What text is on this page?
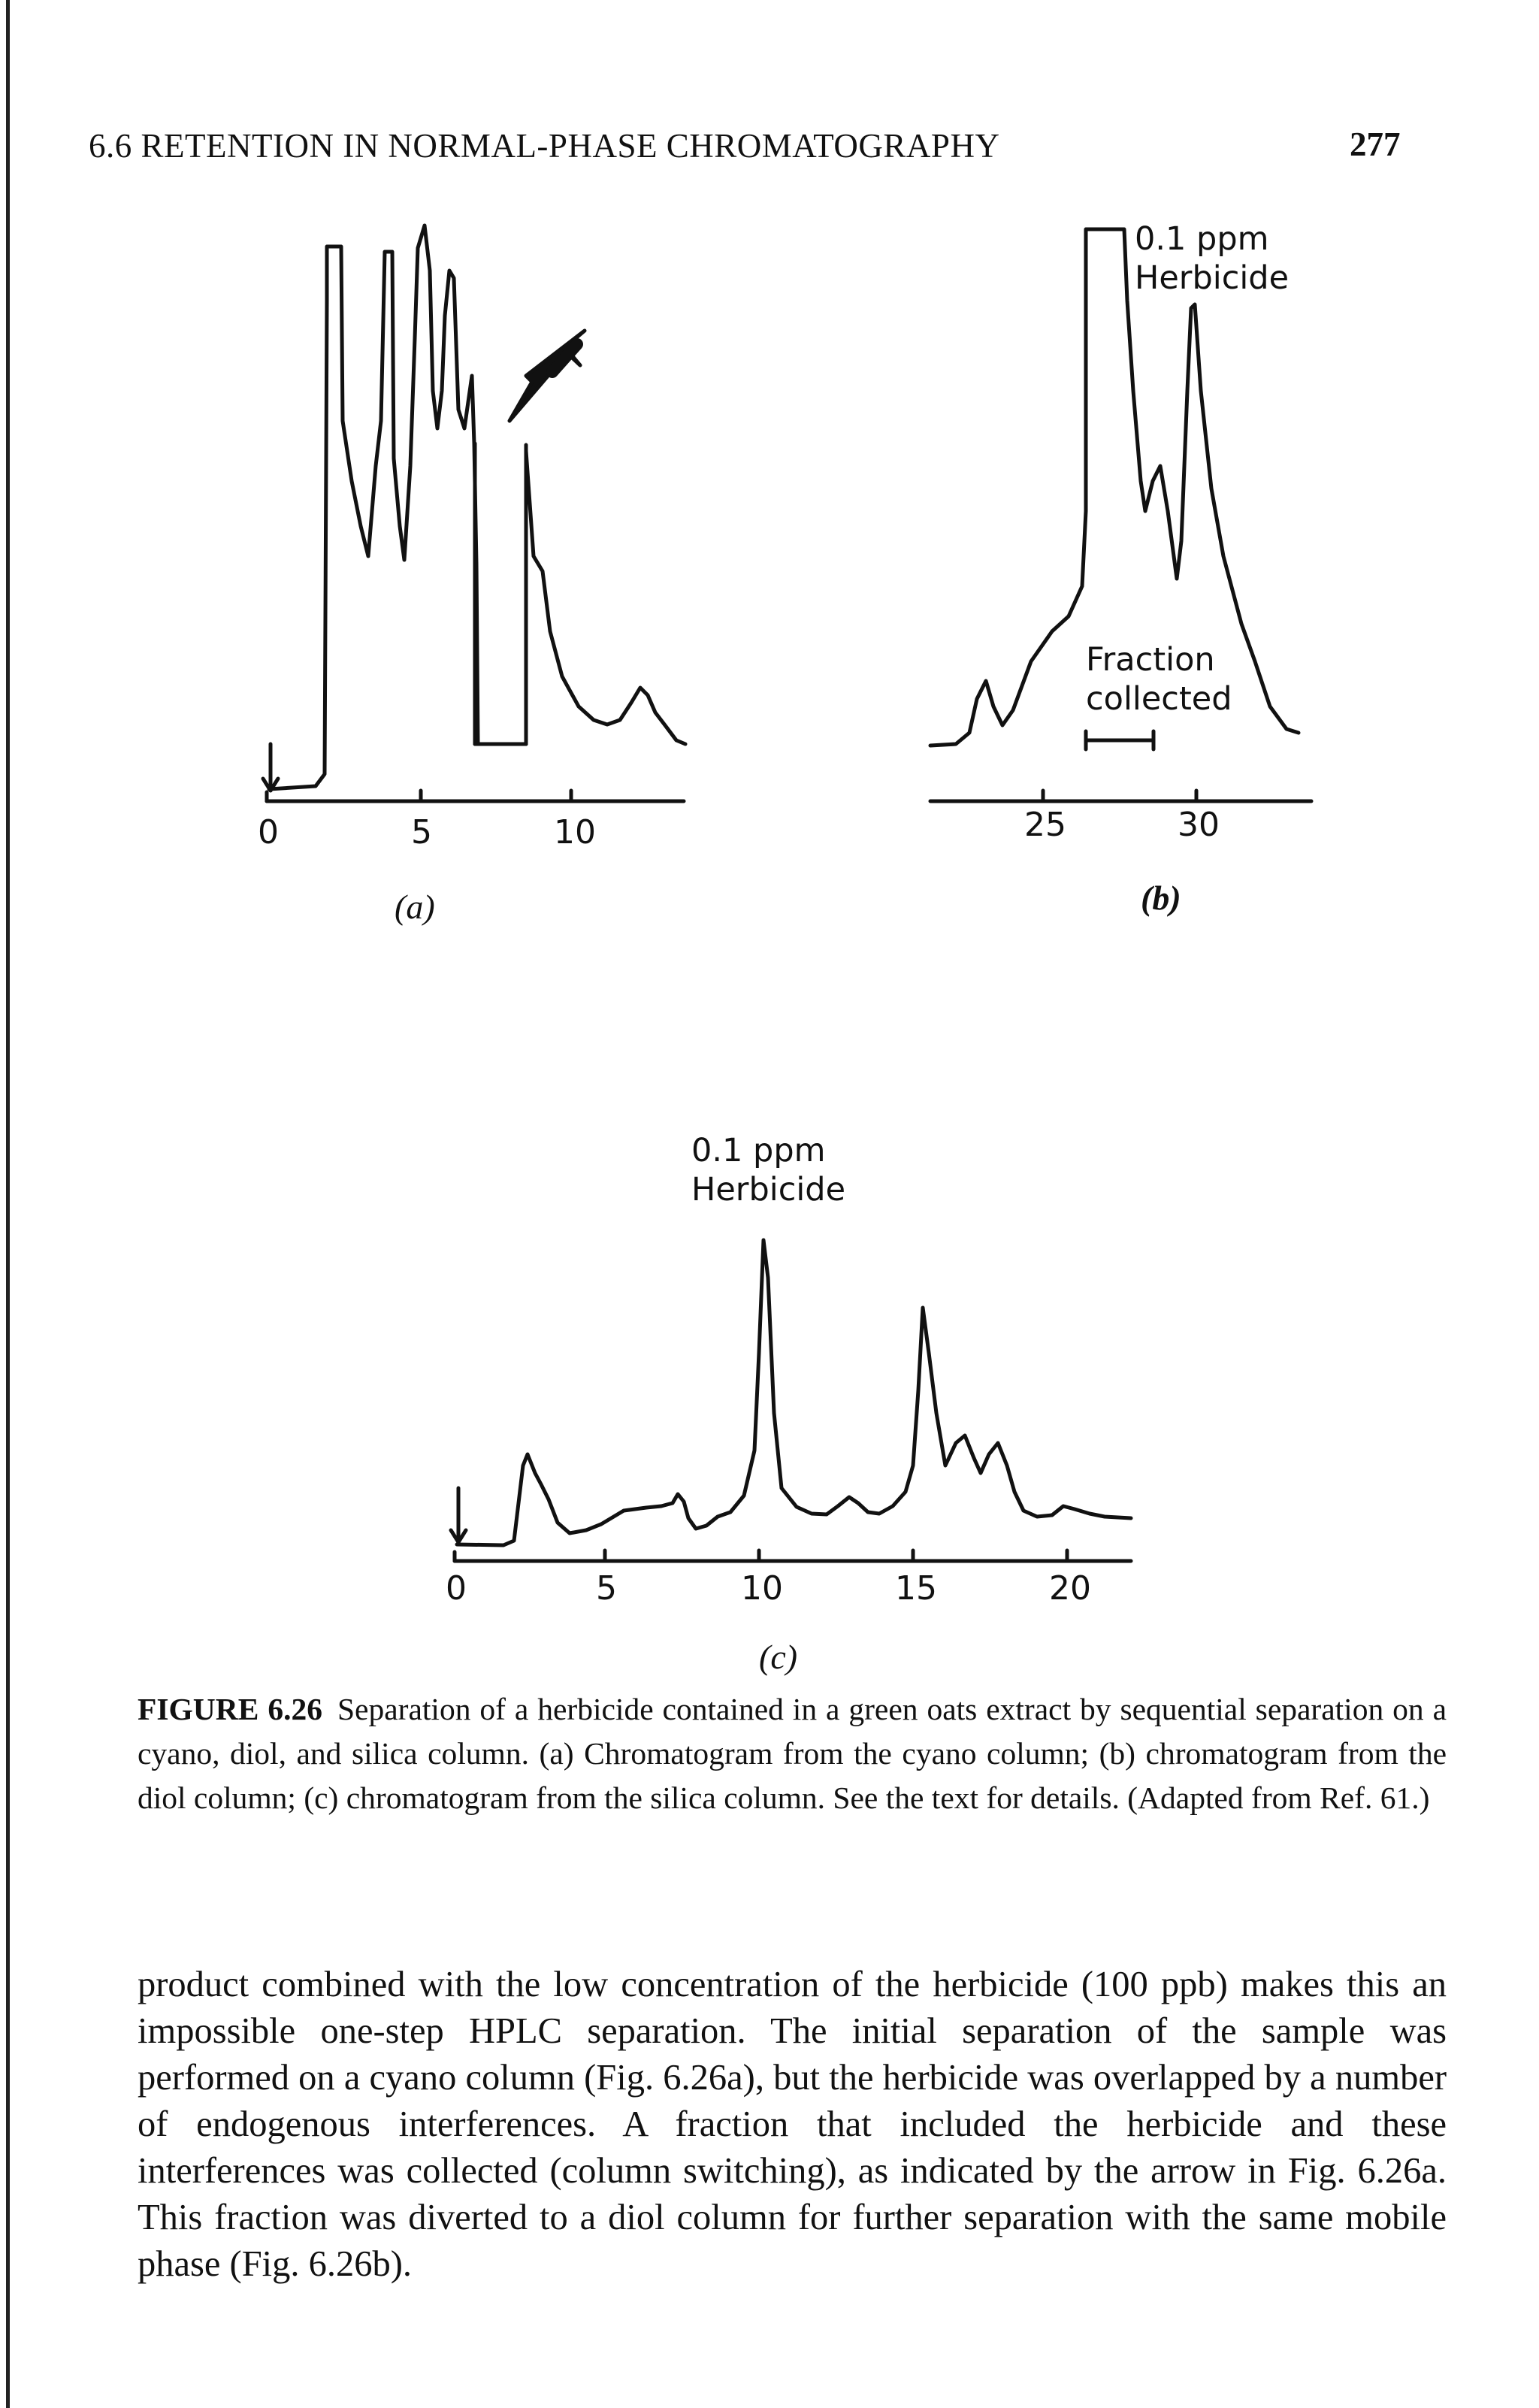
6.6 RETENTION IN NORMAL-PHASE CHROMATOGRAPHY	277
0	5	10
(a)
0.1 ppm
Herbicide
Fraction
collected
25	30
(b)
0.1 ppm
Herbicide
0	5	10	15	20
(c)
FIGURE 6.26 Separation of a herbicide contained in a green oats extract by sequential separation on a cyano, diol, and silica column. (a) Chromatogram from the cyano column; (b) chromatogram from the diol column; (c) chromatogram from the silica column. See the text for details. (Adapted from Ref. 61.)
product combined with the low concentration of the herbicide (100 ppb) makes this an impossible one-step HPLC separation. The initial separation of the sample was performed on a cyano column (Fig. 6.26a), but the herbicide was overlapped by a number of endogenous interferences. A fraction that included the herbicide and these interferences was collected (column switching), as indicated by the arrow in Fig. 6.26a. This fraction was diverted to a diol column for further separation with the same mobile phase (Fig. 6.26b).
